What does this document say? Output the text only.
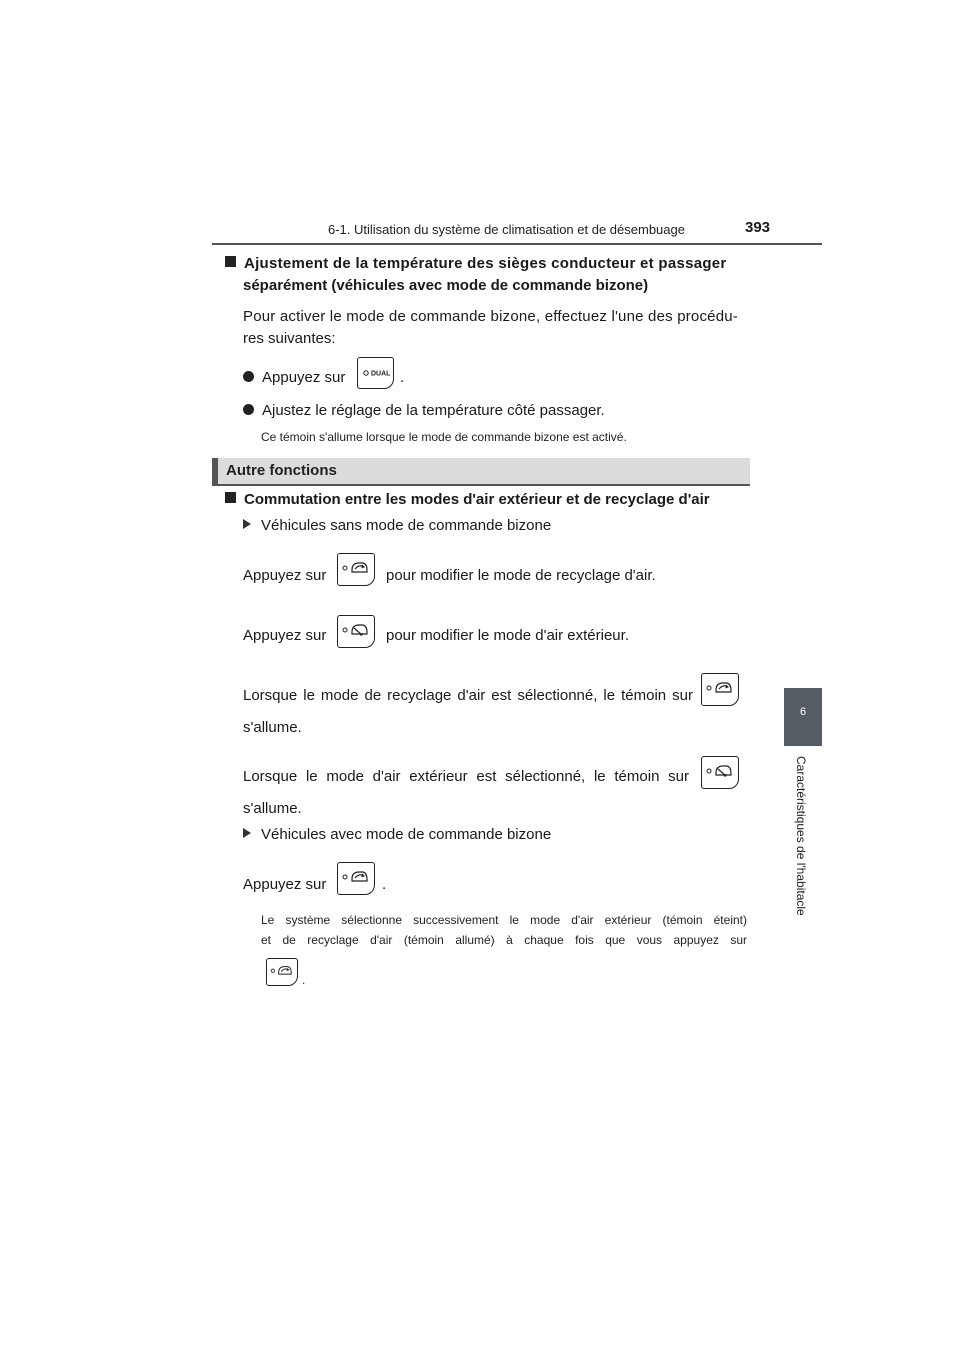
6-1. Utilisation du système de climatisation et de désembuage	393
6
Caractéristiques de l'habitacle
Ajustement de la température des sièges conducteur et passager
séparément (véhicules avec mode de commande bizone)
Pour activer le mode de commande bizone, effectuez l'une des procédu-
res suivantes:
Appuyez sur	DUAL .
Ajustez le réglage de la température côté passager.
Ce témoin s'allume lorsque le mode de commande bizone est activé.
Autre fonctions
Commutation entre les modes d'air extérieur et de recyclage d'air
Véhicules sans mode de commande bizone
Appuyez sur	pour modifier le mode de recyclage d'air.
Appuyez sur	pour modifier le mode d'air extérieur.
Lorsque le mode de recyclage d'air est sélectionné, le témoin sur
s'allume.
Lorsque le mode d'air extérieur est sélectionné, le témoin sur
s'allume.
Véhicules avec mode de commande bizone
Appuyez sur	.
Le système sélectionne successivement le mode d'air extérieur (témoin éteint)
et de recyclage d'air (témoin allumé) à chaque fois que vous appuyez sur
.
